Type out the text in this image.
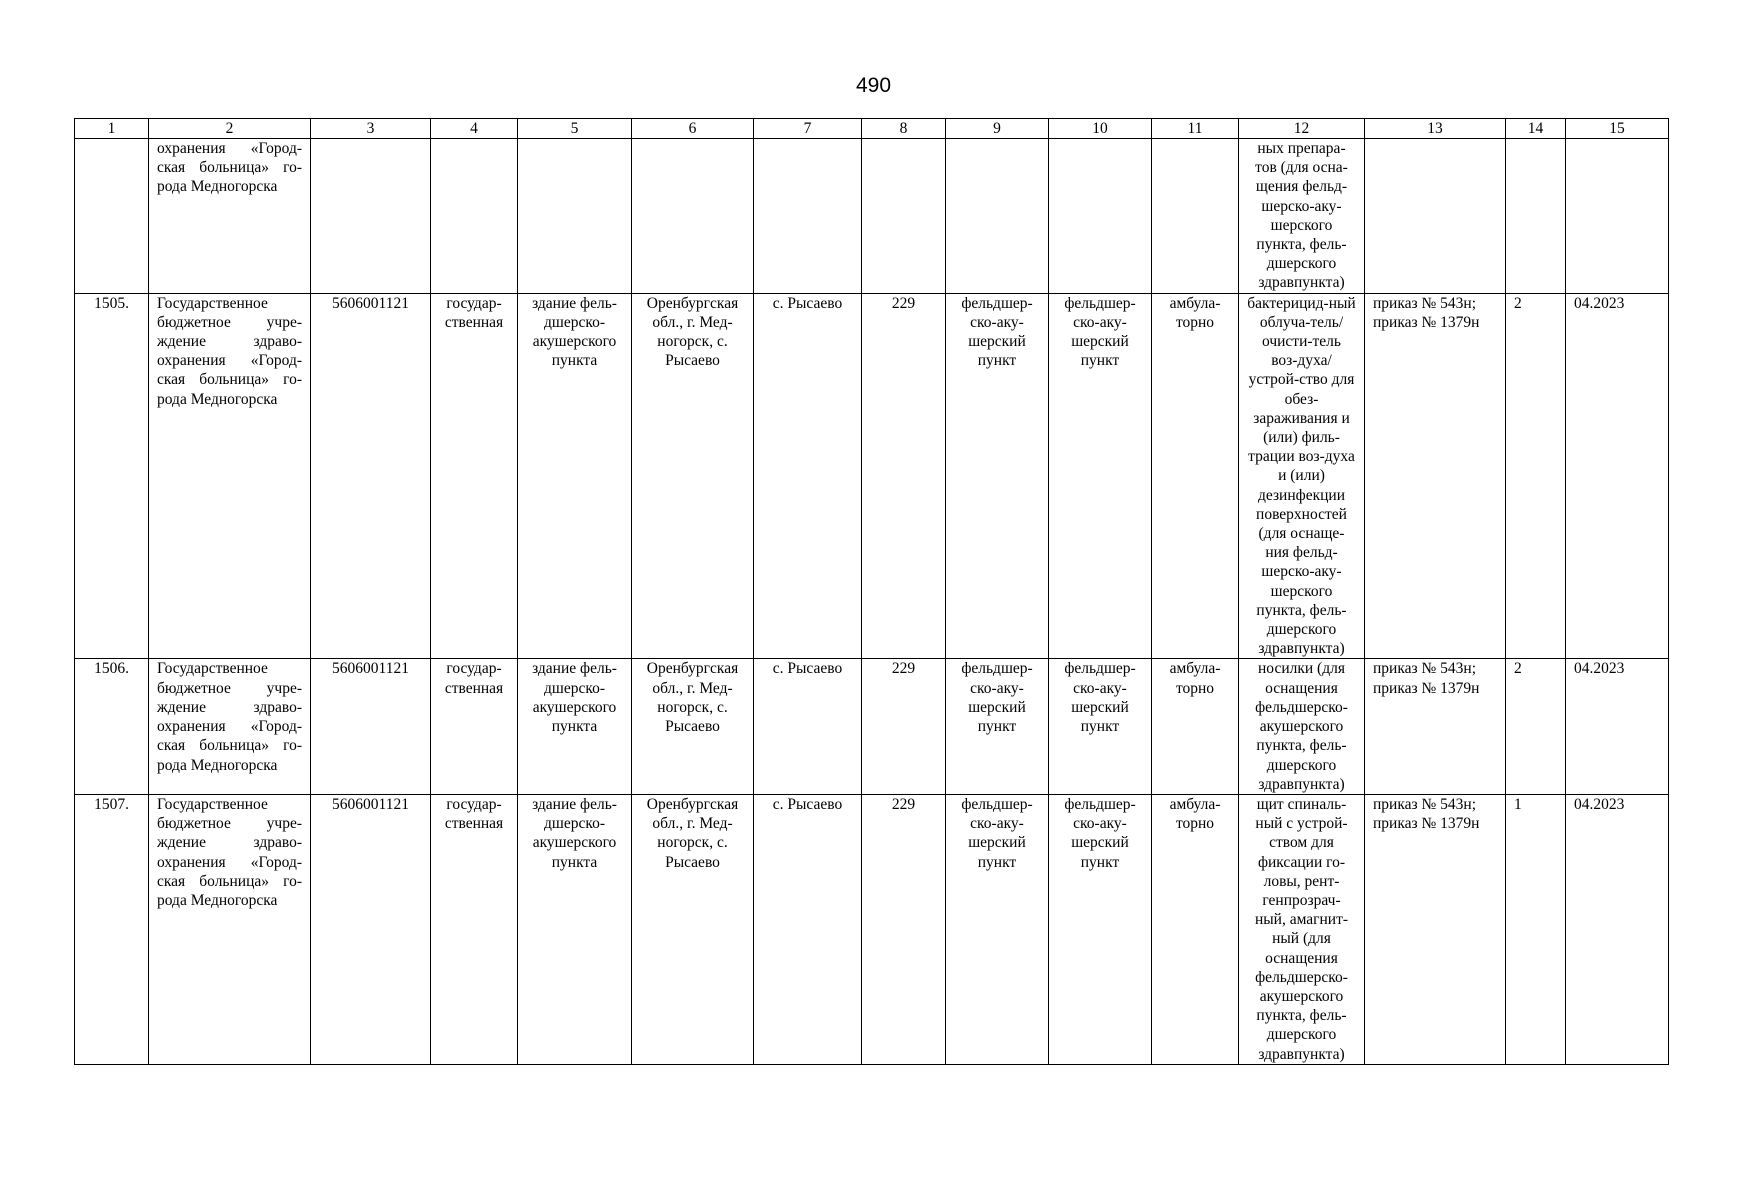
490
1	2	3	4	5	6	7	8	9	10	11	12	13	14	15
	охранения «Город-ская больница» го-рода Медногорска										ных препара-тов (для осна-щения фельд-шерско-аку-шерского пункта, фель-дшерского здравпункта)			
1505.	Государственное бюджетное учре-ждение здраво-охранения «Город-ская больница» го-рода Медногорска	5606001121	государ-ственная	здание фель-дшерско-акушерского пункта	Оренбургская обл., г. Мед-ногорск, с. Рысаево	с. Рысаево	229	фельдшер-ско-аку-шерский пункт	фельдшер-ско-аку-шерский пункт	амбула-торно	бактерицид-ный облуча-тель/очисти-тель воз-духа/устрой-ство для обез-зараживания и (или) филь-трации воз-духа и (или) дезинфекции поверхностей (для оснаще-ния фельд-шерско-аку-шерского пункта, фель-дшерского здравпункта)	приказ № 543н; приказ № 1379н	2	04.2023
1506.	Государственное бюджетное учре-ждение здраво-охранения «Город-ская больница» го-рода Медногорска	5606001121	государ-ственная	здание фель-дшерско-акушерского пункта	Оренбургская обл., г. Мед-ногорск, с. Рысаево	с. Рысаево	229	фельдшер-ско-аку-шерский пункт	фельдшер-ско-аку-шерский пункт	амбула-торно	носилки (для оснащения фельдшерско-акушерского пункта, фель-дшерского здравпункта)	приказ № 543н; приказ № 1379н	2	04.2023
1507.	Государственное бюджетное учре-ждение здраво-охранения «Город-ская больница» го-рода Медногорска	5606001121	государ-ственная	здание фель-дшерско-акушерского пункта	Оренбургская обл., г. Мед-ногорск, с. Рысаево	с. Рысаево	229	фельдшер-ско-аку-шерский пункт	фельдшер-ско-аку-шерский пункт	амбула-торно	щит спиналь-ный с устрой-ством для фиксации го-ловы, рент-генпрозрач-ный, амагнит-ный (для оснащения фельдшерско-акушерского пункта, фель-дшерского здравпункта)	приказ № 543н; приказ № 1379н	1	04.2023
